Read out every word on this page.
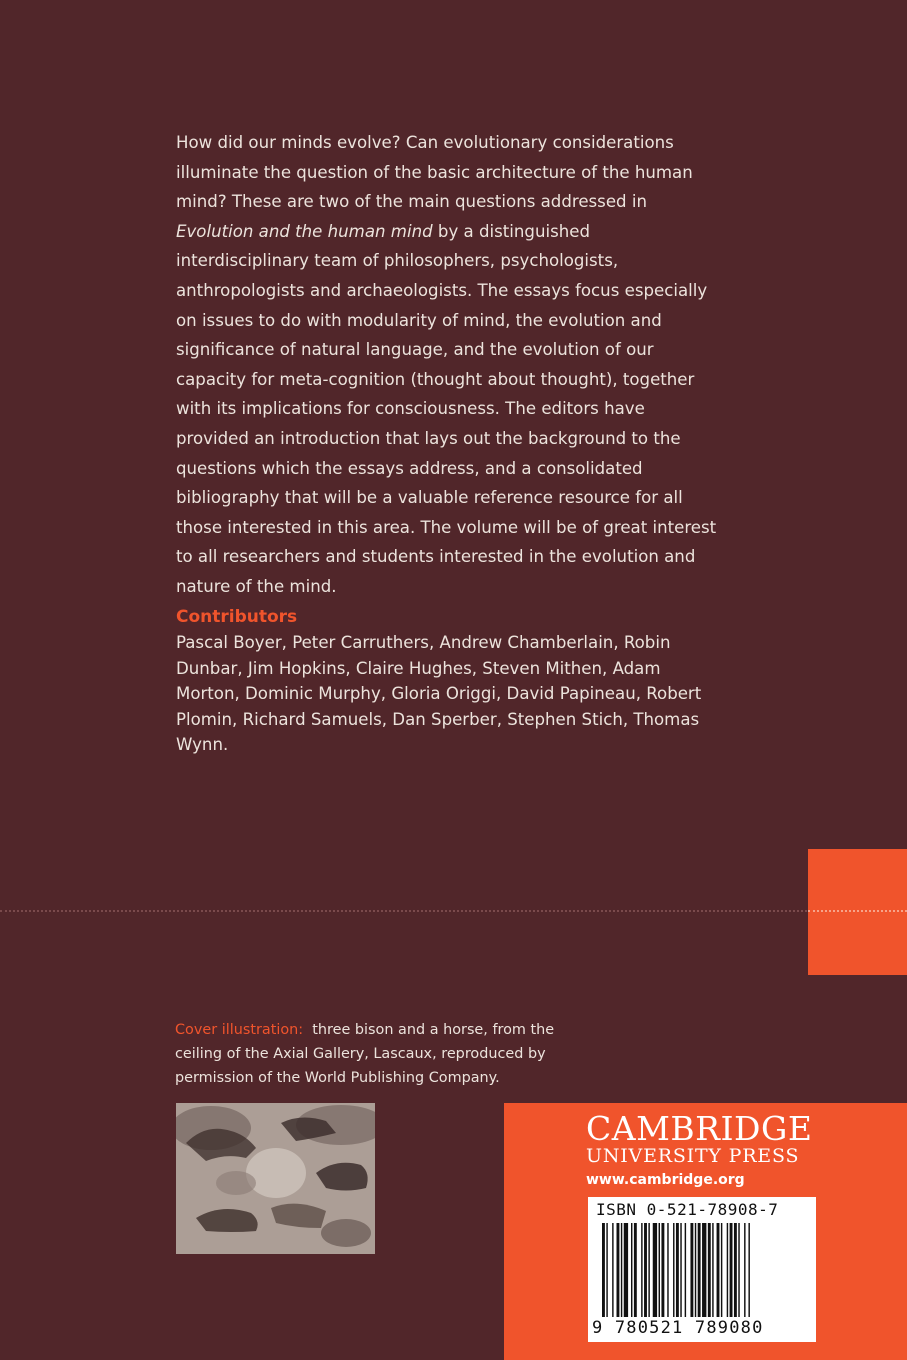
How did our minds evolve? Can evolutionary considerations illuminate the question of the basic architecture of the human mind? These are two of the main questions addressed in Evolution and the human mind by a distinguished interdisciplinary team of philosophers, psychologists, anthropologists and archaeologists. The essays focus especially on issues to do with modularity of mind, the evolution and significance of natural language, and the evolution of our capacity for meta-cognition (thought about thought), together with its implications for consciousness. The editors have provided an introduction that lays out the background to the questions which the essays address, and a consolidated bibliography that will be a valuable reference resource for all those interested in this area. The volume will be of great interest to all researchers and students interested in the evolution and nature of the mind.

Contributors

Pascal Boyer, Peter Carruthers, Andrew Chamberlain, Robin Dunbar, Jim Hopkins, Claire Hughes, Steven Mithen, Adam Morton, Dominic Murphy, Gloria Origgi, David Papineau, Robert Plomin, Richard Samuels, Dan Sperber, Stephen Stich, Thomas Wynn.

Cover illustration: three bison and a horse, from the ceiling of the Axial Gallery, Lascaux, reproduced by permission of the World Publishing Company.

CAMBRIDGE
UNIVERSITY PRESS
www.cambridge.org
ISBN 0-521-78908-7
9 780521 789080
